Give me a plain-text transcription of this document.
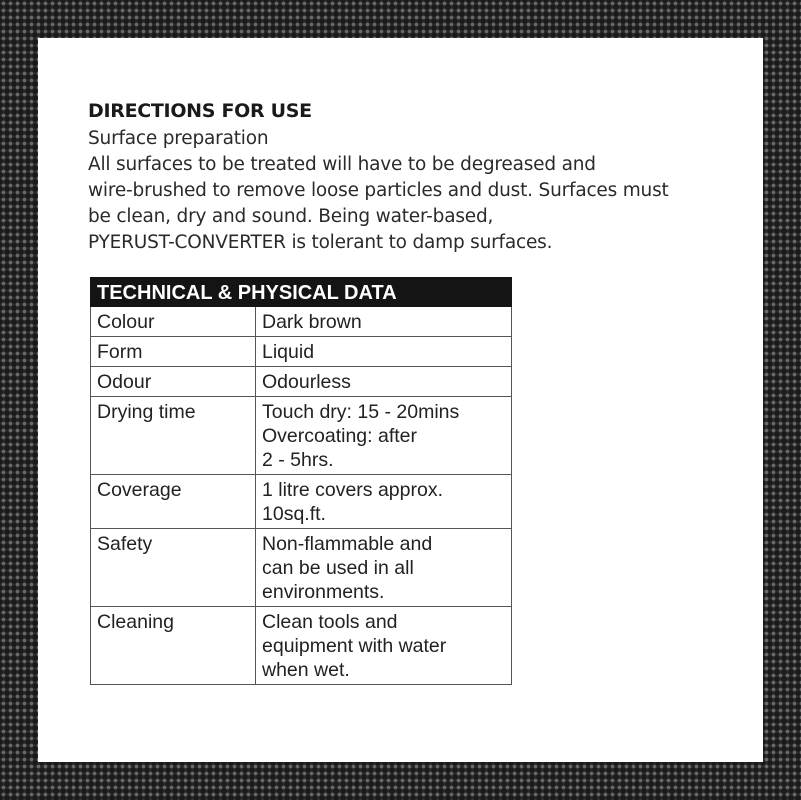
DIRECTIONS FOR USE
Surface preparation
All surfaces to be treated will have to be degreased and
wire-brushed to remove loose particles and dust. Surfaces must
be clean, dry and sound. Being water-based,
PYERUST-CONVERTER is tolerant to damp surfaces.
TECHNICAL & PHYSICAL DATA	
Colour	Dark brown

Form	Liquid

Odour	Odourless

Drying time	Touch dry: 15 - 20mins
Overcoating: after
2 - 5hrs.

Coverage	1 litre covers approx.
10sq.ft.

Safety	Non-flammable and
can be used in all
environments.

Cleaning	Clean tools and
equipment with water
when wet.
